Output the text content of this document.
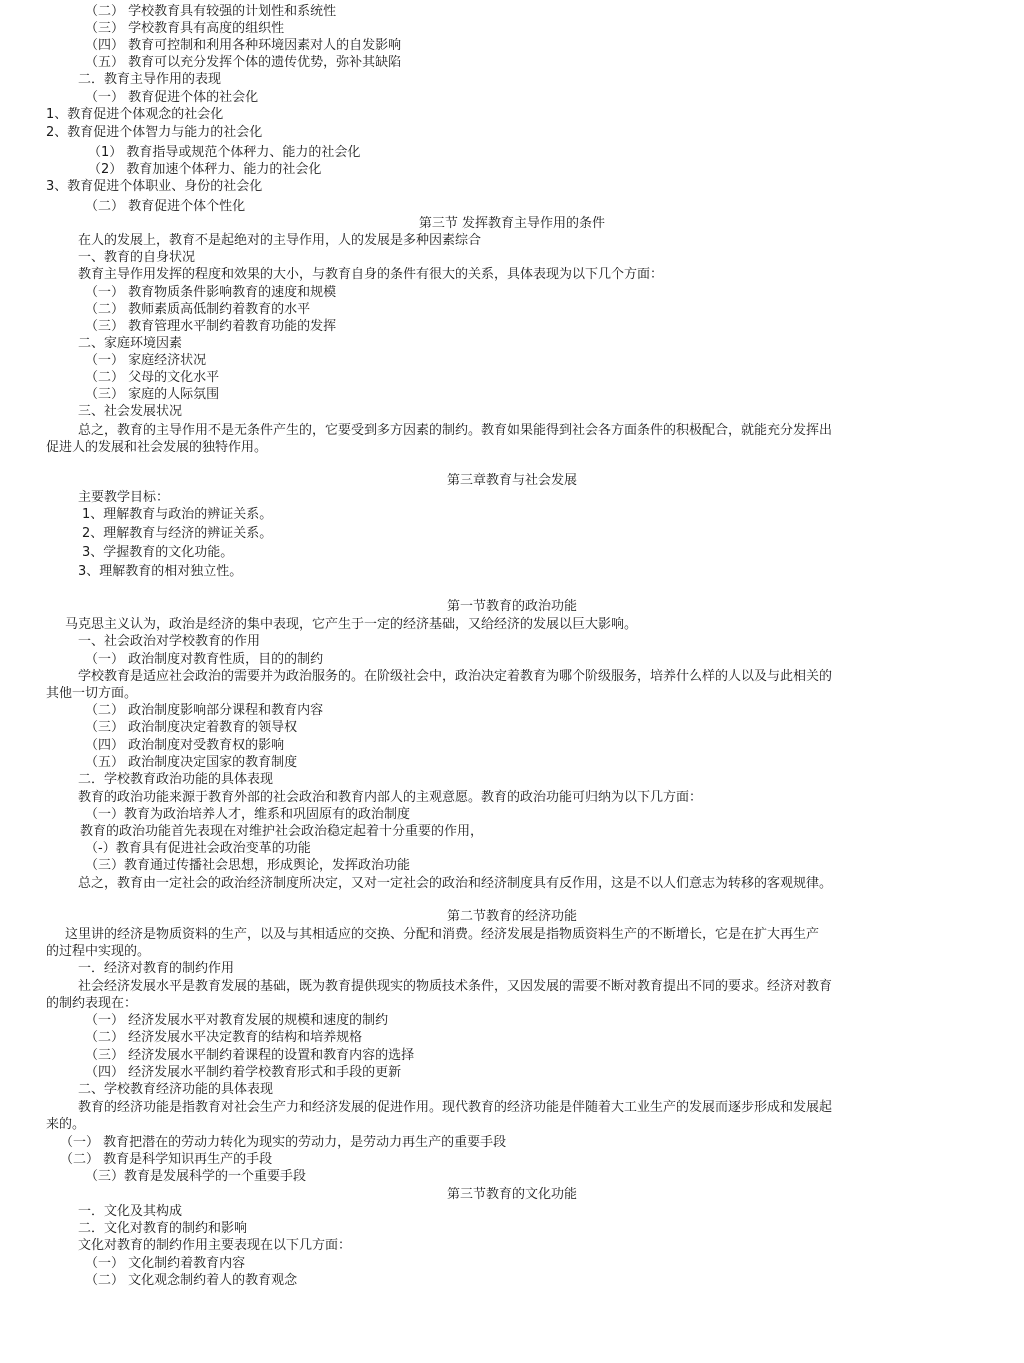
（二） 学校教育具有较强的计划性和系统性
（三） 学校教育具有高度的组织性
（四） 教育可控制和利用各种环境因素对人的自发影响
（五） 教育可以充分发挥个体的遗传优势，弥补其缺陷
二．教育主导作用的表现
（一） 教育促进个体的社会化
1、教育促进个体观念的社会化
2、教育促进个体智力与能力的社会化
（1） 教育指导或规范个体秤力、能力的社会化
（2） 教育加速个体秤力、能力的社会化
3、教育促进个体职业、身份的社会化
（二） 教育促进个体个性化
第三节 发挥教育主导作用的条件
在人的发展上，教育不是起绝对的主导作用，人的发展是多种因素综合
一、教育的自身状况
教育主导作用发挥的程度和效果的大小，与教育自身的条件有很大的关系，具体表现为以下几个方面：
（一） 教育物质条件影响教育的速度和规模
（二） 教师素质高低制约着教育的水平
（三） 教育管理水平制约着教育功能的发挥
二、家庭环境因素
（一） 家庭经济状况
（二） 父母的文化水平
（三） 家庭的人际氛围
三、社会发展状况
总之，教育的主导作用不是无条件产生的，它要受到多方因素的制约。教育如果能得到社会各方面条件的积极配合，就能充分发挥出
促进人的发展和社会发展的独特作用。
第三章教育与社会发展
主要教学目标：
1、理解教育与政治的辨证关系。
2、理解教育与经济的辨证关系。
3、学握教育的文化功能。
3、理解教育的相对独立性。
第一节教育的政治功能
马克思主义认为，政治是经济的集中表现，它产生于一定的经济基础，又给经济的发展以巨大影响。
一、社会政治对学校教育的作用
（一） 政治制度对教育性质，目的的制约
学校教育是适应社会政治的需要并为政治服务的。在阶级社会中，政治决定着教育为哪个阶级服务，培养什么样的人以及与此相关的
其他一切方面。
（二） 政治制度影响部分课程和教育内容
（三） 政治制度决定着教育的领导权
（四） 政治制度对受教育权的影响
（五） 政治制度决定国家的教育制度
二．学校教育政治功能的具体表现
教育的政治功能来源于教育外部的社会政治和教育内部人的主观意愿。教育的政治功能可归纳为以下几方面：
（一）教育为政治培养人才，维系和巩固原有的政治制度
教育的政治功能首先表现在对维护社会政治稳定起着十分重要的作用，
（-）教育具有促进社会政治变革的功能
（三）教育通过传播社会思想，形成舆论，发挥政治功能
总之，教育由一定社会的政治经济制度所决定，又对一定社会的政治和经济制度具有反作用，这是不以人们意志为转移的客观规律。
第二节教育的经济功能
这里讲的经济是物质资料的生产，以及与其相适应的交换、分配和消费。经济发展是指物质资料生产的不断增长，它是在扩大再生产
的过程中实现的。
一．经济对教育的制约作用
社会经济发展水平是教育发展的基础，既为教育提供现实的物质技术条件，又因发展的需要不断对教育提出不同的要求。经济对教育
的制约表现在：
（一） 经济发展水平对教育发展的规模和速度的制约
（二） 经济发展水平决定教育的结构和培养规格
（三） 经济发展水平制约着课程的设置和教育内容的选择
（四） 经济发展水平制约着学校教育形式和手段的更新
二、学校教育经济功能的具体表现
教育的经济功能是指教育对社会生产力和经济发展的促进作用。现代教育的经济功能是伴随着大工业生产的发展而逐步形成和发展起
来的。
（一） 教育把潜在的劳动力转化为现实的劳动力，是劳动力再生产的重要手段
（二） 教育是科学知识再生产的手段
（三）教育是发展科学的一个重要手段
第三节教育的文化功能
一．文化及其构成
二．文化对教育的制约和影响
文化对教育的制约作用主要表现在以下几方面：
（一） 文化制约着教育内容
（二） 文化观念制约着人的教育观念
